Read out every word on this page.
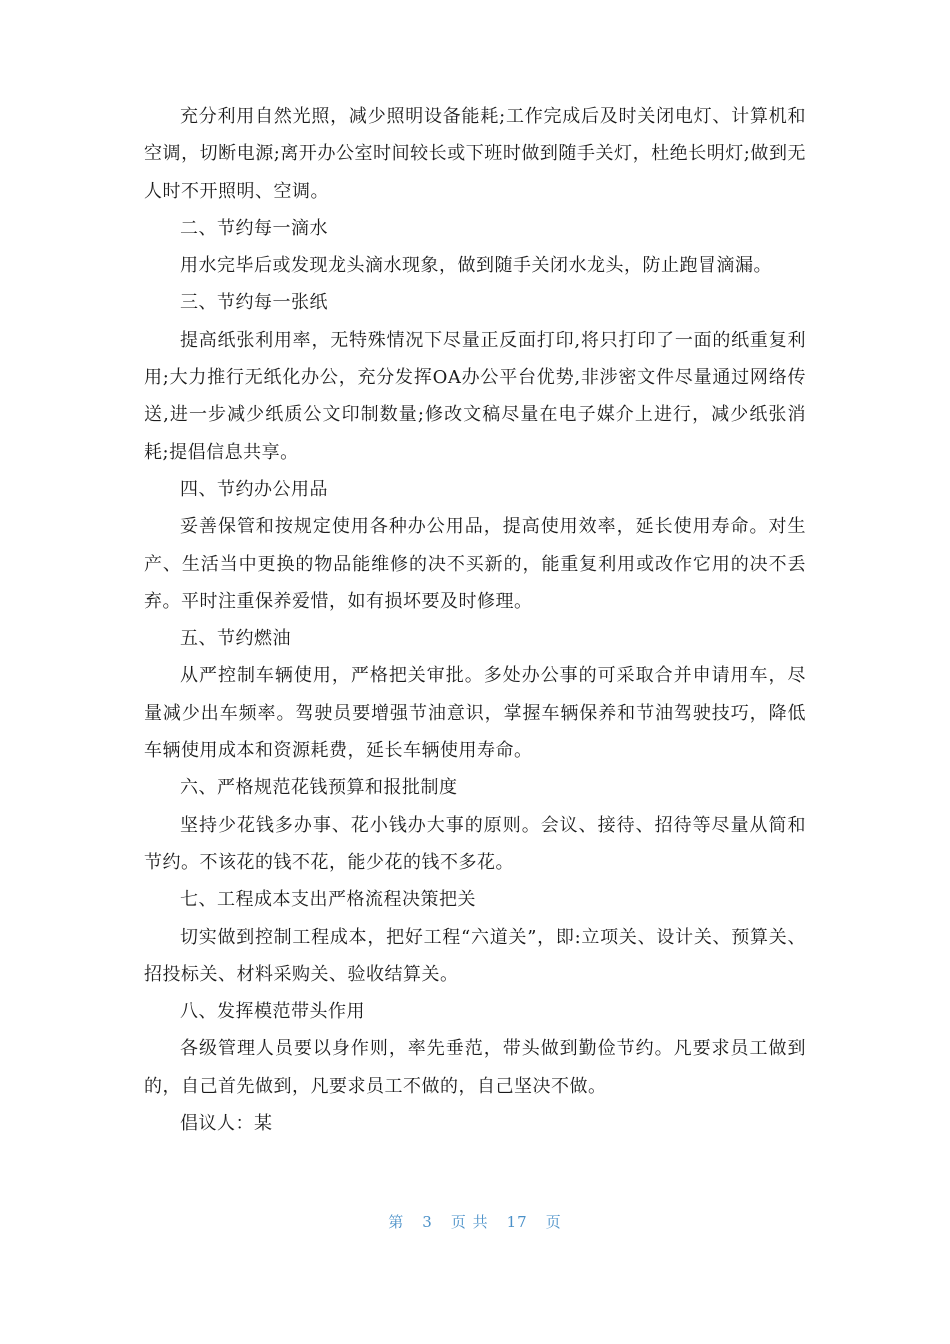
充分利用自然光照，减少照明设备能耗;工作完成后及时关闭电灯、计算机和空调，切断电源;离开办公室时间较长或下班时做到随手关灯，杜绝长明灯;做到无人时不开照明、空调。

二、节约每一滴水

用水完毕后或发现龙头滴水现象，做到随手关闭水龙头，防止跑冒滴漏。

三、节约每一张纸

提高纸张利用率，无特殊情况下尽量正反面打印,将只打印了一面的纸重复利用;大力推行无纸化办公，充分发挥OA办公平台优势,非涉密文件尽量通过网络传送,进一步减少纸质公文印制数量;修改文稿尽量在电子媒介上进行，减少纸张消耗;提倡信息共享。

四、节约办公用品

妥善保管和按规定使用各种办公用品，提高使用效率，延长使用寿命。对生产、生活当中更换的物品能维修的决不买新的，能重复利用或改作它用的决不丢弃。平时注重保养爱惜，如有损坏要及时修理。

五、节约燃油

从严控制车辆使用，严格把关审批。多处办公事的可采取合并申请用车，尽量减少出车频率。驾驶员要增强节油意识，掌握车辆保养和节油驾驶技巧，降低车辆使用成本和资源耗费，延长车辆使用寿命。

六、严格规范花钱预算和报批制度

坚持少花钱多办事、花小钱办大事的原则。会议、接待、招待等尽量从简和节约。不该花的钱不花，能少花的钱不多花。

七、工程成本支出严格流程决策把关

切实做到控制工程成本，把好工程“六道关”，即:立项关、设计关、预算关、招投标关、材料采购关、验收结算关。

八、发挥模范带头作用

各级管理人员要以身作则，率先垂范，带头做到勤俭节约。凡要求员工做到的，自己首先做到，凡要求员工不做的，自己坚决不做。

倡议人：某

第 3 页 共 17 页
